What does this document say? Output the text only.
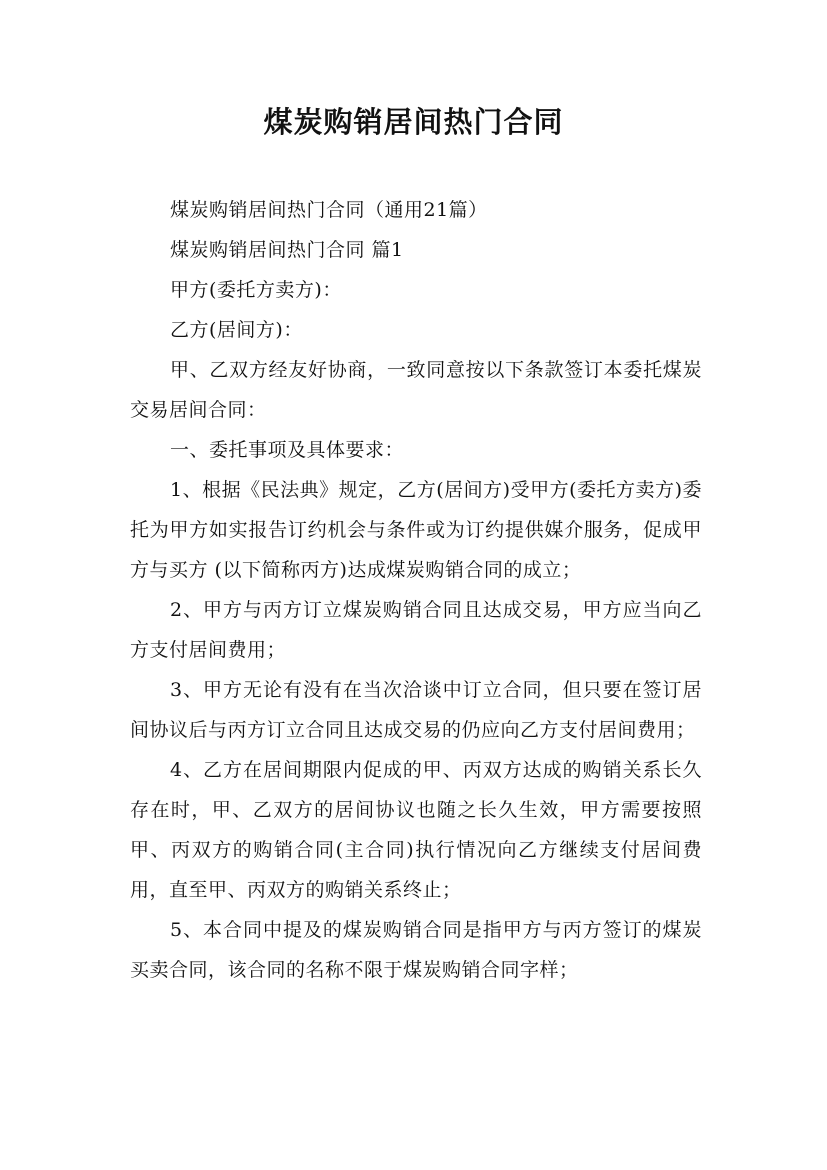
煤炭购销居间热门合同

煤炭购销居间热门合同（通用21篇）

煤炭购销居间热门合同 篇1

甲方(委托方卖方)：

乙方(居间方)：

甲、乙双方经友好协商，一致同意按以下条款签订本委托煤炭交易居间合同：

一、委托事项及具体要求：

1、根据《民法典》规定，乙方(居间方)受甲方(委托方卖方)委托为甲方如实报告订约机会与条件或为订约提供媒介服务，促成甲方与买方 (以下简称丙方)达成煤炭购销合同的成立；

2、甲方与丙方订立煤炭购销合同且达成交易，甲方应当向乙方支付居间费用；

3、甲方无论有没有在当次洽谈中订立合同，但只要在签订居间协议后与丙方订立合同且达成交易的仍应向乙方支付居间费用；

4、乙方在居间期限内促成的甲、丙双方达成的购销关系长久存在时，甲、乙双方的居间协议也随之长久生效，甲方需要按照甲、丙双方的购销合同(主合同)执行情况向乙方继续支付居间费用，直至甲、丙双方的购销关系终止；

5、本合同中提及的煤炭购销合同是指甲方与丙方签订的煤炭买卖合同，该合同的名称不限于煤炭购销合同字样；
